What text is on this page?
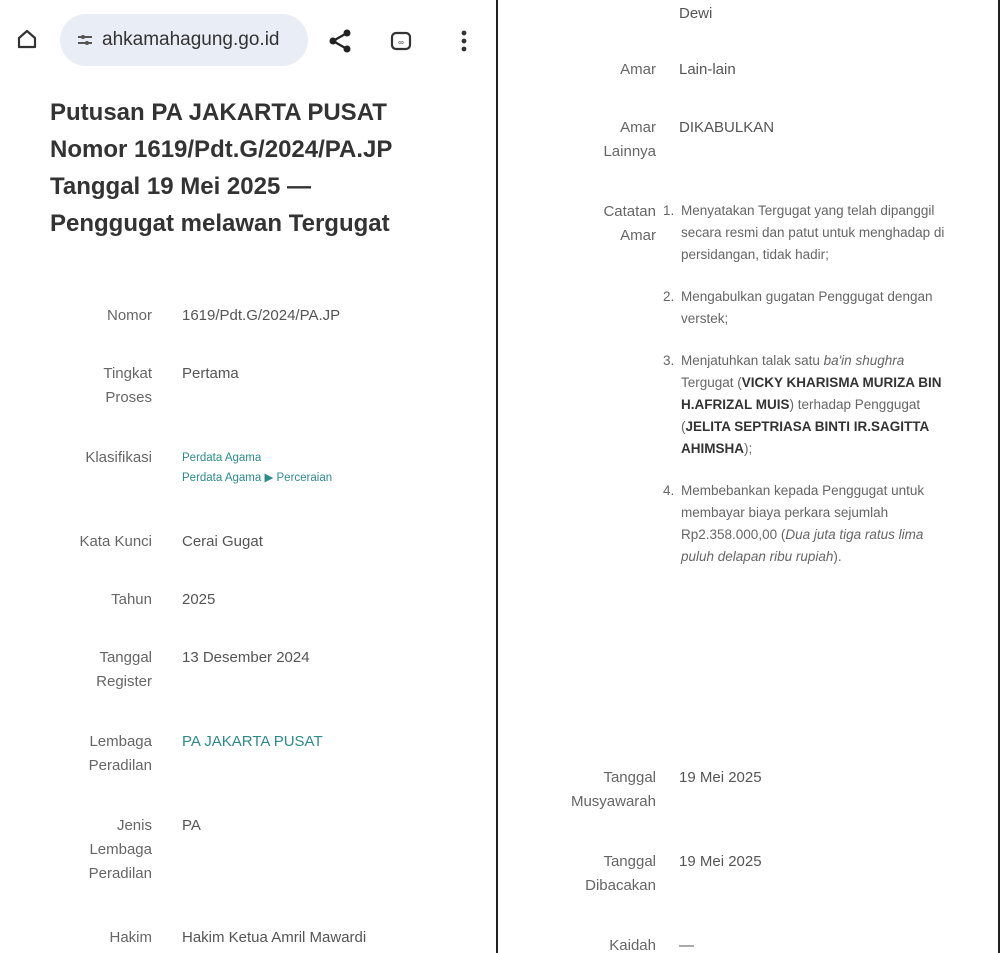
ahkamahagung.go.id	∞
Putusan PA JAKARTA PUSAT
Nomor 1619/Pdt.G/2024/PA.JP
Tanggal 19 Mei 2025 —
Penggugat melawan Tergugat
Nomor 1619/Pdt.G/2024/PA.JP
Tingkat
Proses
Pertama
Klasifikasi	Perdata Agama
Perdata Agama ▶ Perceraian
Kata Kunci Cerai Gugat
Tahun 2025
Tanggal
Register
13 Desember 2024
Lembaga
Peradilan
PA JAKARTA PUSAT
Jenis
Lembaga
Peradilan
PA
Hakim Hakim Ketua Amril Mawardi
Dewi
Amar Lain-lain
Amar
Lainnya
DIKABULKAN
Catatan
Amar
1. Menyatakan Tergugat yang telah dipanggil secara resmi dan patut untuk menghadap di persidangan, tidak hadir;
2. Mengabulkan gugatan Penggugat dengan verstek;
3. Menjatuhkan talak satu ba'in shughra Tergugat (VICKY KHARISMA MURIZA BIN H.AFRIZAL MUIS) terhadap Penggugat (JELITA SEPTRIASA BINTI IR.SAGITTA AHIMSHA);
4. Membebankan kepada Penggugat untuk membayar biaya perkara sejumlah Rp2.358.000,00 (Dua juta tiga ratus lima puluh delapan ribu rupiah).
Tanggal
Musyawarah
19 Mei 2025
Tanggal
Dibacakan
19 Mei 2025
Kaidah —
